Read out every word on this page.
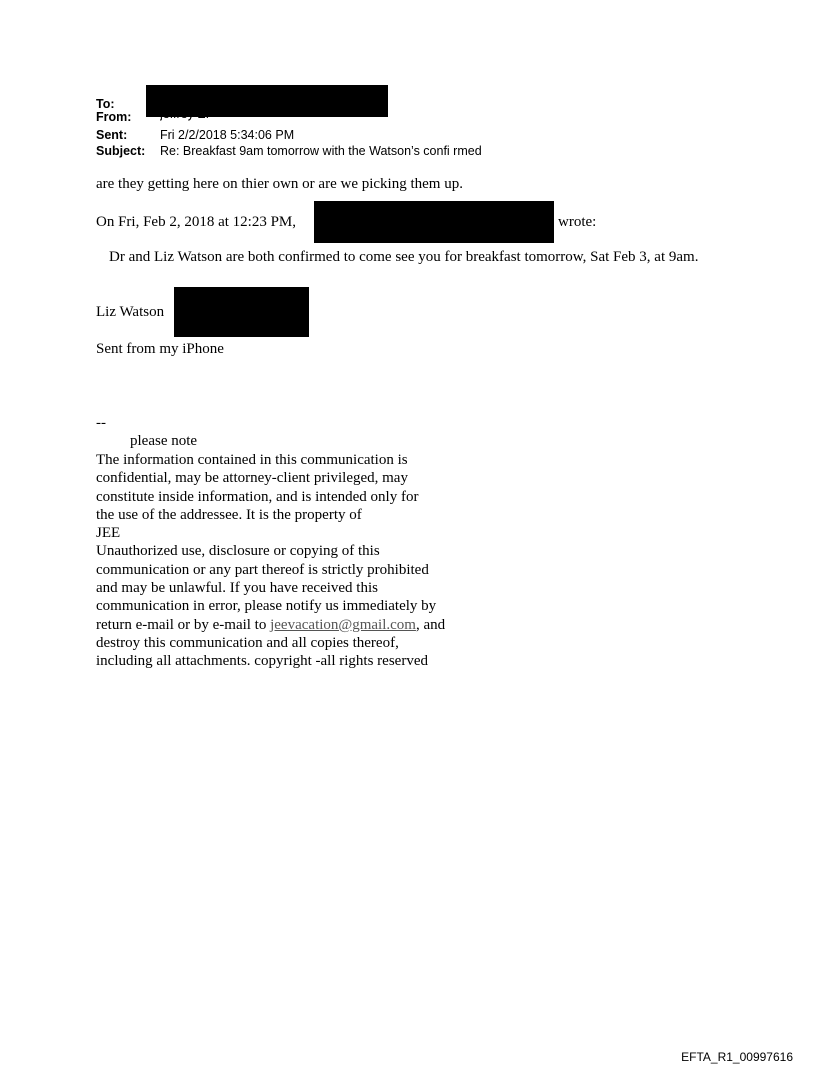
To:
From: jeffrey E.
Sent:	Fri 2/2/2018 5:34:06 PM
Subject: Re: Breakfast 9am tomorrow with the Watson’s confi rmed
are they getting here on thier own or are we picking them up.
On Fri, Feb 2, 2018 at 12:23 PM,	wrote:
Dr and Liz Watson are both confirmed to come see you for breakfast tomorrow, Sat Feb 3, at 9am.
Liz Watson
Sent from my iPhone
--
please note
The information contained in this communication is
confidential, may be attorney-client privileged, may
constitute inside information, and is intended only for
the use of the addressee. It is the property of
JEE
Unauthorized use, disclosure or copying of this
communication or any part thereof is strictly prohibited
and may be unlawful. If you have received this
communication in error, please notify us immediately by
return e-mail or by e-mail to jeevacation@gmail.com, and
destroy this communication and all copies thereof,
including all attachments. copyright -all rights reserved
EFTA_R1_00997616
